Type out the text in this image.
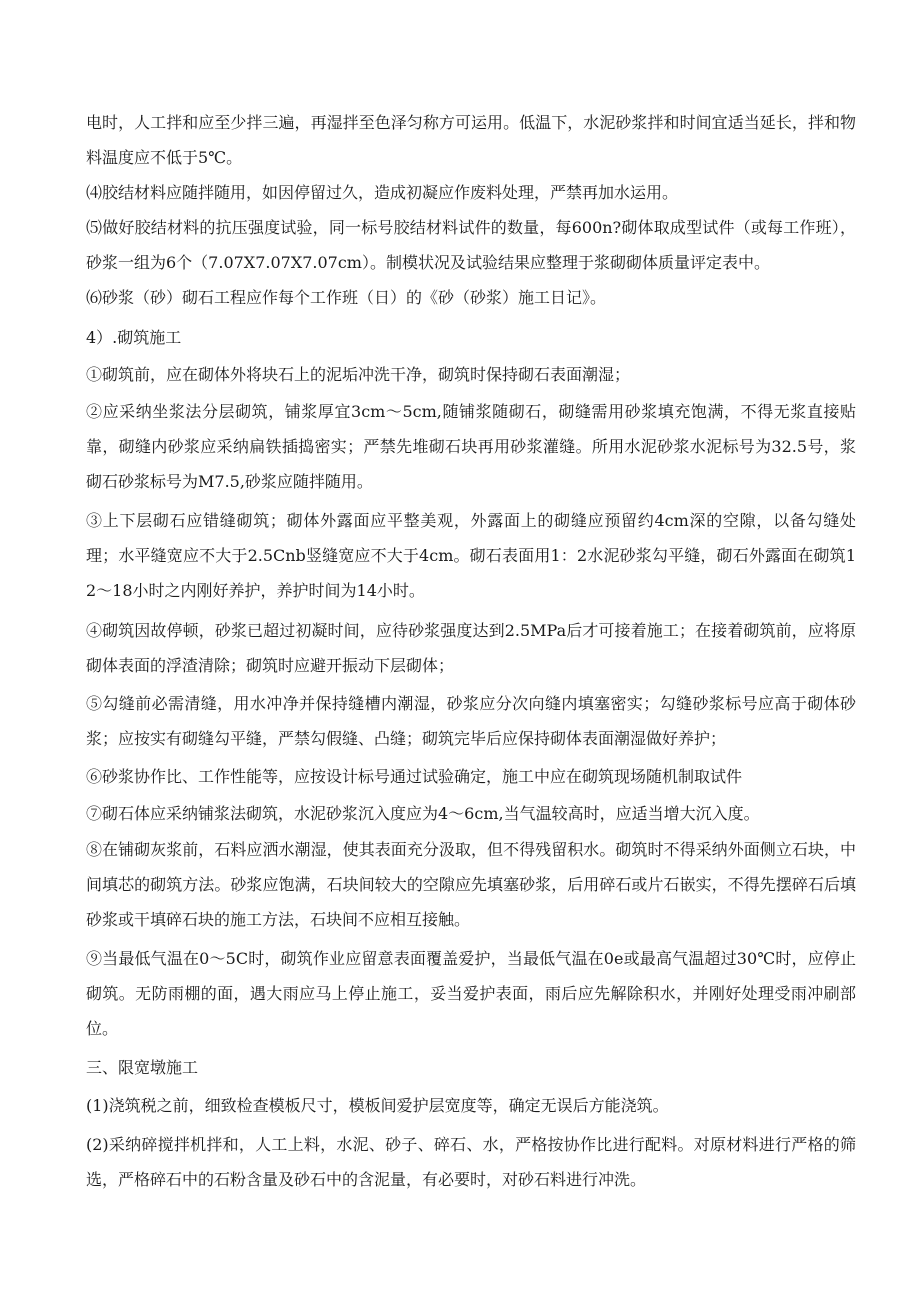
电时，人工拌和应至少拌三遍，再湿拌至色泽匀称方可运用。低温下，水泥砂浆拌和时间宜适当延长，拌和物料温度应不低于5℃。

⑷胶结材料应随拌随用，如因停留过久，造成初凝应作废料处理，严禁再加水运用。

⑸做好胶结材料的抗压强度试验，同一标号胶结材料试件的数量，每600n?砌体取成型试件（或每工作班），砂浆一组为6个（7.07X7.07X7.07cm）。制模状况及试验结果应整理于浆砌砌体质量评定表中。

⑹砂浆（砂）砌石工程应作每个工作班（日）的《砂（砂浆）施工日记》。

4）.砌筑施工

①砌筑前，应在砌体外将块石上的泥垢冲洗干净，砌筑时保持砌石表面潮湿；

②应采纳坐浆法分层砌筑，铺浆厚宜3cm～5cm,随铺浆随砌石，砌缝需用砂浆填充饱满，不得无浆直接贴靠，砌缝内砂浆应采纳扁铁插捣密实；严禁先堆砌石块再用砂浆灌缝。所用水泥砂浆水泥标号为32.5号，浆砌石砂浆标号为M7.5,砂浆应随拌随用。

③上下层砌石应错缝砌筑；砌体外露面应平整美观，外露面上的砌缝应预留约4cm深的空隙，以备勾缝处理；水平缝宽应不大于2.5Cnb竖缝宽应不大于4cm。砌石表面用1：2水泥砂浆勾平缝，砌石外露面在砌筑12～18小时之内刚好养护，养护时间为14小时。

④砌筑因故停顿，砂浆已超过初凝时间，应待砂浆强度达到2.5MPa后才可接着施工；在接着砌筑前，应将原砌体表面的浮渣清除；砌筑时应避开振动下层砌体；

⑤勾缝前必需清缝，用水冲净并保持缝槽内潮湿，砂浆应分次向缝内填塞密实；勾缝砂浆标号应高于砌体砂浆；应按实有砌缝勾平缝，严禁勾假缝、凸缝；砌筑完毕后应保持砌体表面潮湿做好养护；

⑥砂浆协作比、工作性能等，应按设计标号通过试验确定，施工中应在砌筑现场随机制取试件

⑦砌石体应采纳铺浆法砌筑，水泥砂浆沉入度应为4～6cm,当气温较高时，应适当增大沉入度。

⑧在铺砌灰浆前，石料应洒水潮湿，使其表面充分汲取，但不得残留积水。砌筑时不得采纳外面侧立石块，中间填芯的砌筑方法。砂浆应饱满，石块间较大的空隙应先填塞砂浆，后用碎石或片石嵌实，不得先摆碎石后填砂浆或干填碎石块的施工方法，石块间不应相互接触。

⑨当最低气温在0～5C时，砌筑作业应留意表面覆盖爱护，当最低气温在0e或最高气温超过30℃时，应停止砌筑。无防雨棚的面，遇大雨应马上停止施工，妥当爱护表面，雨后应先解除积水，并刚好处理受雨冲刷部位。

三、限宽墩施工

(1)浇筑税之前，细致检查模板尺寸，模板间爱护层宽度等，确定无误后方能浇筑。

(2)采纳碎搅拌机拌和，人工上料，水泥、砂子、碎石、水，严格按协作比进行配料。对原材料进行严格的筛选，严格碎石中的石粉含量及砂石中的含泥量，有必要时，对砂石料进行冲洗。
